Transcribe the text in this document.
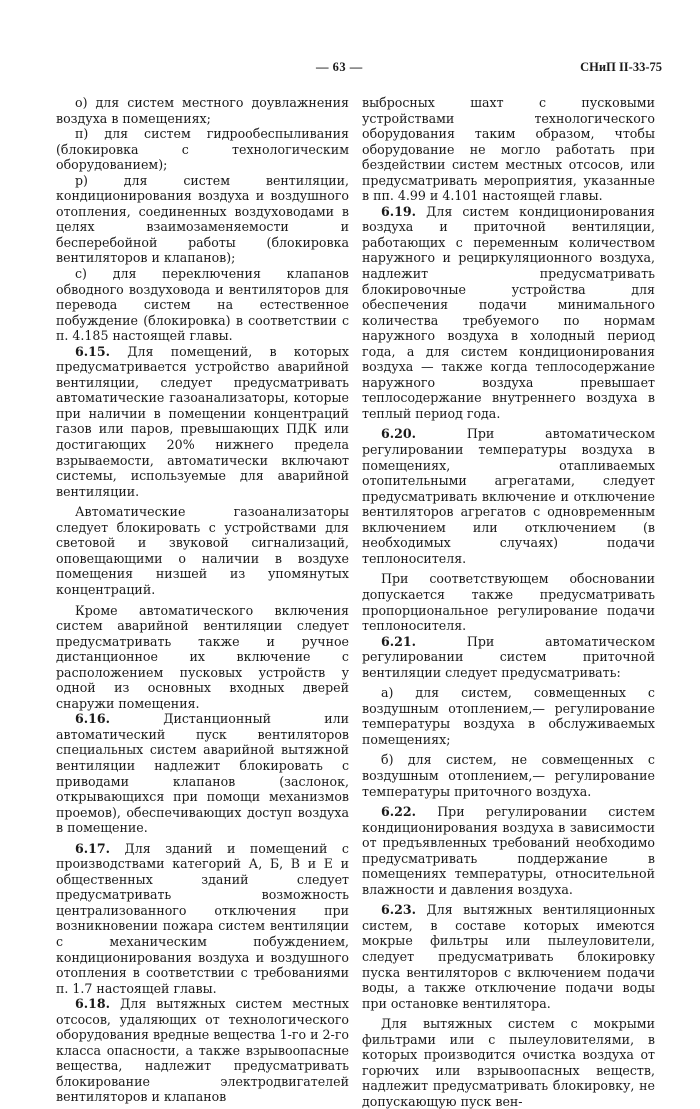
— 63 —	СНиП II-33-75

о) для систем местного доувлажнения воздуха в помещениях;

п) для систем гидрообеспыливания (блокировка с технологическим оборудованием);

р) для систем вентиляции, кондиционирования воздуха и воздушного отопления, соединенных воздуховодами в целях взаимозаменяемости и бесперебойной работы (блокировка вентиляторов и клапанов);

с) для переключения клапанов обводного воздуховода и вентиляторов для перевода систем на естественное побуждение (блокировка) в соответствии с п. 4.185 настоящей главы.

6.15. Для помещений, в которых предусматривается устройство аварийной вентиляции, следует предусматривать автоматические газоанализаторы, которые при наличии в помещении концентраций газов или паров, превышающих ПДК или достигающих 20% нижнего предела взрываемости, автоматически включают системы, используемые для аварийной вентиляции.

Автоматические газоанализаторы следует блокировать с устройствами для световой и звуковой сигнализаций, оповещающими о наличии в воздухе помещения низшей из упомянутых концентраций.

Кроме автоматического включения систем аварийной вентиляции следует предусматривать также и ручное дистанционное их включение с расположением пусковых устройств у одной из основных входных дверей снаружи помещения.

6.16.	Дистанционный или автоматический пуск вентиляторов специальных систем аварийной вытяжной вентиляции надлежит блокировать с приводами клапанов (заслонок, открывающихся при помощи механизмов проемов), обеспечивающих доступ воздуха в помещение.

6.17. Для зданий и помещений с производствами категорий А, Б, В и Е и общественных зданий следует предусматривать возможность централизованного отключения при возникновении пожара систем вентиляции с механическим побуждением, кондиционирования воздуха и воздушного отопления в соответствии с требованиями п. 1.7 настоящей главы.

6.18. Для вытяжных систем местных отсосов, удаляющих от технологического оборудования вредные вещества 1-го и 2-го класса опасности, а также взрывоопасные вещества, надлежит предусматривать блокирование электродвигателей вентиляторов и клапанов

выбросных шахт с пусковыми устройствами технологического оборудования таким образом, чтобы оборудование не могло работать при бездействии систем местных отсосов, или предусматривать мероприятия, указанные в пп. 4.99 и 4.101 настоящей главы.

6.19. Для систем кондиционирования воздуха и приточной вентиляции, работающих с переменным количеством наружного и рециркуляционного воздуха, надлежит предусматривать блокировочные устройства для обеспечения подачи минимального количества требуемого по нормам наружного воздуха в холодный период года, а для систем кондиционирования воздуха — также когда теплосодержание наружного воздуха превышает теплосодержание внутреннего воздуха в теплый период года.

6.20.	При автоматическом регулировании температуры воздуха в помещениях, отапливаемых отопительными агрегатами, следует предусматривать включение и отключение вентиляторов агрегатов с одновременным включением или отключением (в необходимых случаях) подачи теплоносителя.

При соответствующем обосновании допускается также предусматривать пропорциональное регулирование подачи теплоносителя.

6.21.	При автоматическом регулировании систем приточной вентиляции следует предусматривать:

а) для систем, совмещенных с воздушным отоплением,— регулирование температуры воздуха в обслуживаемых помещениях;

б) для систем, не совмещенных с воздушным отоплением,— регулирование температуры приточного воздуха.

6.22. При регулировании систем кондиционирования воздуха в зависимости от предъявленных требований необходимо предусматривать поддержание в помещениях температуры, относительной влажности и давления воздуха.

6.23. Для вытяжных вентиляционных систем, в составе которых имеются мокрые фильтры или пылеуловители, следует предусматривать блокировку пуска вентиляторов с включением подачи воды, а также отключение подачи воды при остановке вентилятора.

Для вытяжных систем с мокрыми фильтрами или с пылеуловителями, в которых производится очистка воздуха от горючих или взрывоопасных веществ, надлежит предусматривать блокировку, не допускающую пуск вен-
